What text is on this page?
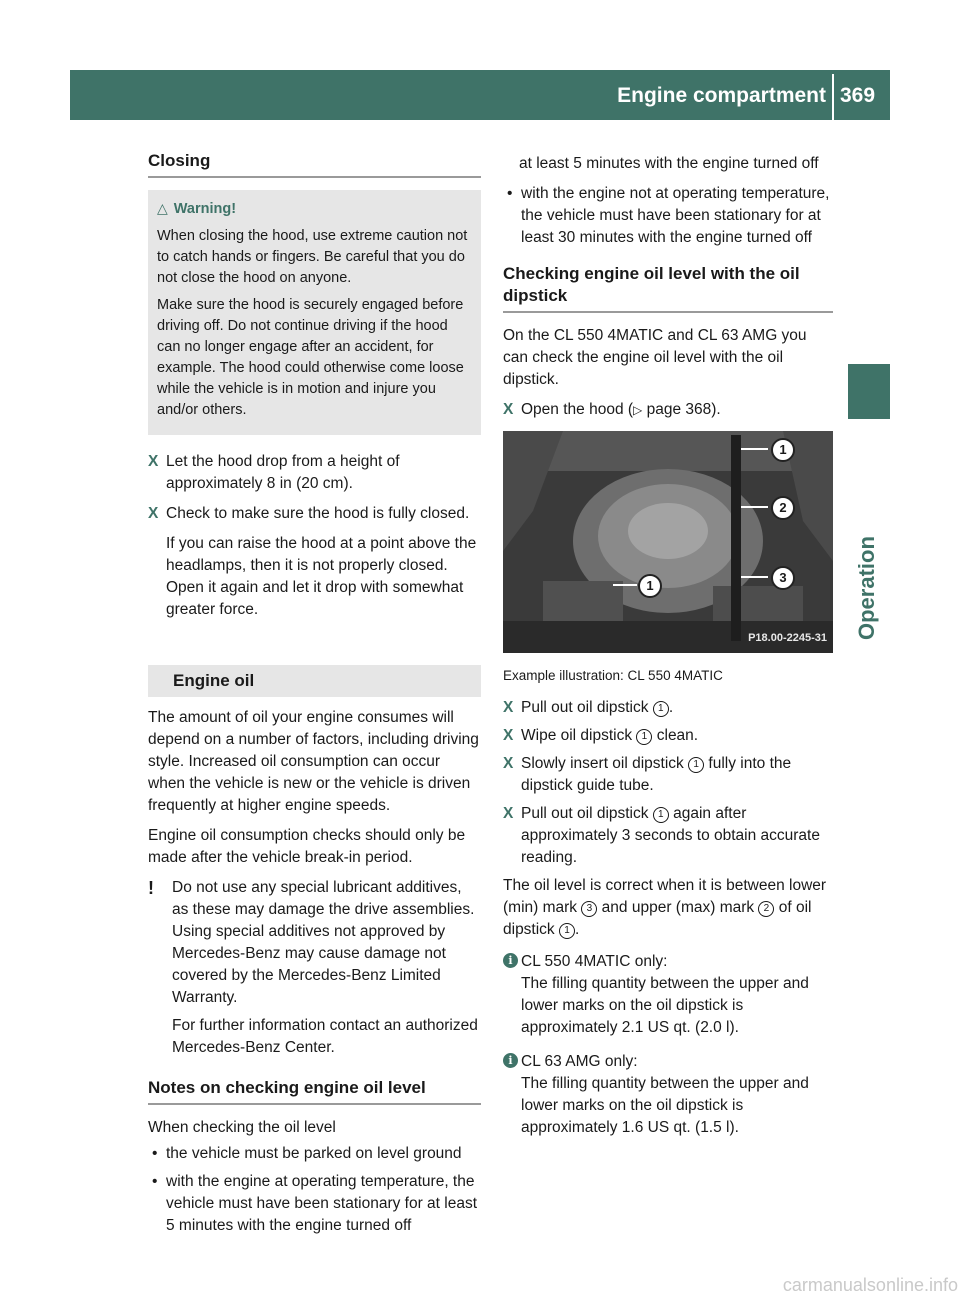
Engine compartment 369
Operation
Closing
△ Warning!

When closing the hood, use extreme caution not to catch hands or fingers. Be careful that you do not close the hood on anyone.

Make sure the hood is securely engaged before driving off. Do not continue driving if the hood can no longer engage after an accident, for example. The hood could otherwise come loose while the vehicle is in motion and injure you and/or others.

X Let the hood drop from a height of approximately 8 in (20 cm).
X Check to make sure the hood is fully closed.
If you can raise the hood at a point above the headlamps, then it is not properly closed. Open it again and let it drop with somewhat greater force.
Engine oil
The amount of oil your engine consumes will depend on a number of factors, including driving style. Increased oil consumption can occur when the vehicle is new or the vehicle is driven frequently at higher engine speeds.
Engine oil consumption checks should only be made after the vehicle break-in period.
! Do not use any special lubricant additives, as these may damage the drive assemblies. Using special additives not approved by Mercedes-Benz may cause damage not covered by the Mercedes-Benz Limited Warranty.
For further information contact an authorized Mercedes-Benz Center.
Notes on checking engine oil level
When checking the oil level
• the vehicle must be parked on level ground
• with the engine at operating temperature, the vehicle must have been stationary for at least 5 minutes with the engine turned off
at least 5 minutes with the engine turned off
• with the engine not at operating temperature, the vehicle must have been stationary for at least 30 minutes with the engine turned off
Checking engine oil level with the oil dipstick
On the CL 550 4MATIC and CL 63 AMG you can check the engine oil level with the oil dipstick.
X Open the hood (▷ page 368).
1
2
3
1
P18.00-2245-31
Example illustration: CL 550 4MATIC
X Pull out oil dipstick 1 .
X Wipe oil dipstick 1 clean.
X Slowly insert oil dipstick 1 fully into the dipstick guide tube.
X Pull out oil dipstick 1 again after approximately 3 seconds to obtain accurate reading.
The oil level is correct when it is between lower (min) mark 3 and upper (max) mark 2 of oil dipstick 1 .
i CL 550 4MATIC only:
The filling quantity between the upper and lower marks on the oil dipstick is approximately 2.1 US qt. (2.0 l).
i CL 63 AMG only:
The filling quantity between the upper and lower marks on the oil dipstick is approximately 1.6 US qt. (1.5 l).
carmanualsonline.info
